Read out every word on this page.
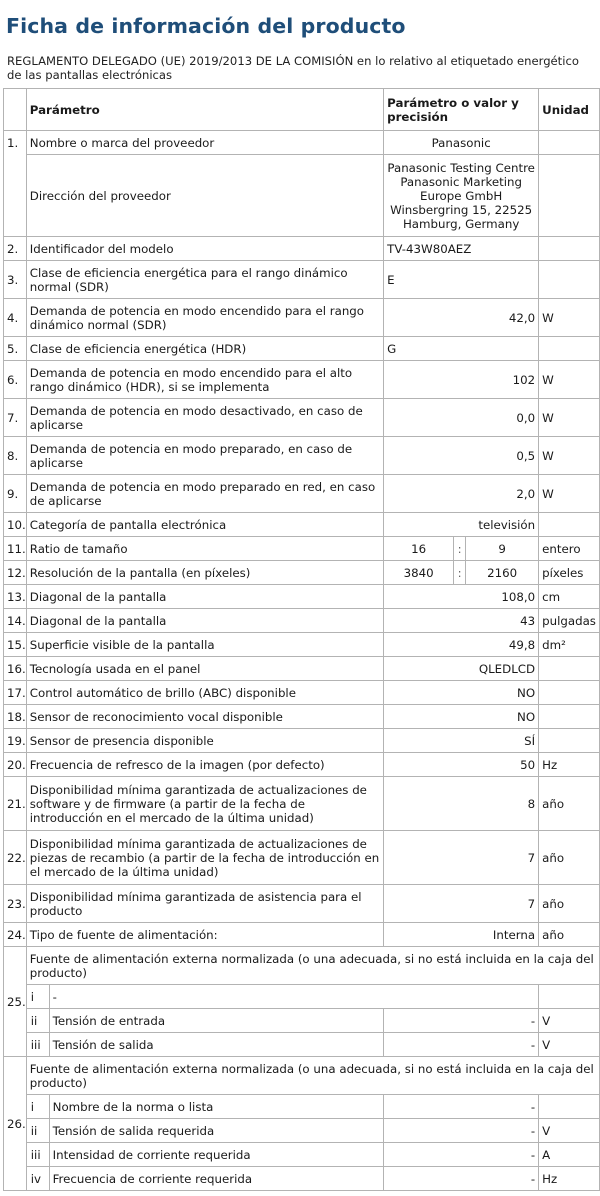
Ficha de información del producto
REGLAMENTO DELEGADO (UE) 2019/2013 DE LA COMISIÓN en lo relativo al etiquetado energético de las pantallas electrónicas
	Parámetro		Parámetro o valor y precisión			Unidad
1.	Nombre o marca del proveedor		Panasonic			
	Dirección del proveedor		Panasonic Testing Centre
Panasonic Marketing
Europe GmbH
Winsbergring 15, 22525
Hamburg, Germany			

2.	Identificador del modelo		TV-43W80AEZ			
3.	Clase de eficiencia energética para el rango dinámico normal (SDR)		E			
4.	Demanda de potencia en modo encendido para el rango dinámico normal (SDR)		42,0			W
5.	Clase de eficiencia energética (HDR)		G			
6.	Demanda de potencia en modo encendido para el alto rango dinámico (HDR), si se implementa		102			W
7.	Demanda de potencia en modo desactivado, en caso de aplicarse		0,0			W
8.	Demanda de potencia en modo preparado, en caso de aplicarse		0,5			W
9.	Demanda de potencia en modo preparado en red, en caso de aplicarse		2,0			W
10.	Categoría de pantalla electrónica		televisión			
11.	Ratio de tamaño		16	:	9	entero
12.	Resolución de la pantalla (en píxeles)		3840	:	2160	píxeles
13.	Diagonal de la pantalla		108,0			cm
14.	Diagonal de la pantalla		43			pulgadas
15.	Superficie visible de la pantalla		49,8			dm²
16.	Tecnología usada en el panel		QLEDLCD			
17.	Control automático de brillo (ABC) disponible		NO			
18.	Sensor de reconocimiento vocal disponible		NO			
19.	Sensor de presencia disponible		SÍ			
20.	Frecuencia de refresco de la imagen (por defecto)		50			Hz
21.	Disponibilidad mínima garantizada de actualizaciones de software y de firmware (a partir de la fecha de introducción en el mercado de la última unidad)		8			año
22.	Disponibilidad mínima garantizada de actualizaciones de piezas de recambio (a partir de la fecha de introducción en el mercado de la última unidad)		7			año
23.	Disponibilidad mínima garantizada de asistencia para el producto		7			año
24.	Tipo de fuente de alimentación:		Interna			año
25.	Fuente de alimentación externa normalizada (o una adecuada, si no está incluida en la caja del producto)					
	i	-				
	ii	Tensión de entrada	-			V
	iii	Tensión de salida	-			V
26.	Fuente de alimentación externa normalizada (o una adecuada, si no está incluida en la caja del producto)					
	i	Nombre de la norma o lista	-			
	ii	Tensión de salida requerida	-			V
	iii	Intensidad de corriente requerida	-			A
	iv	Frecuencia de corriente requerida	-			Hz
